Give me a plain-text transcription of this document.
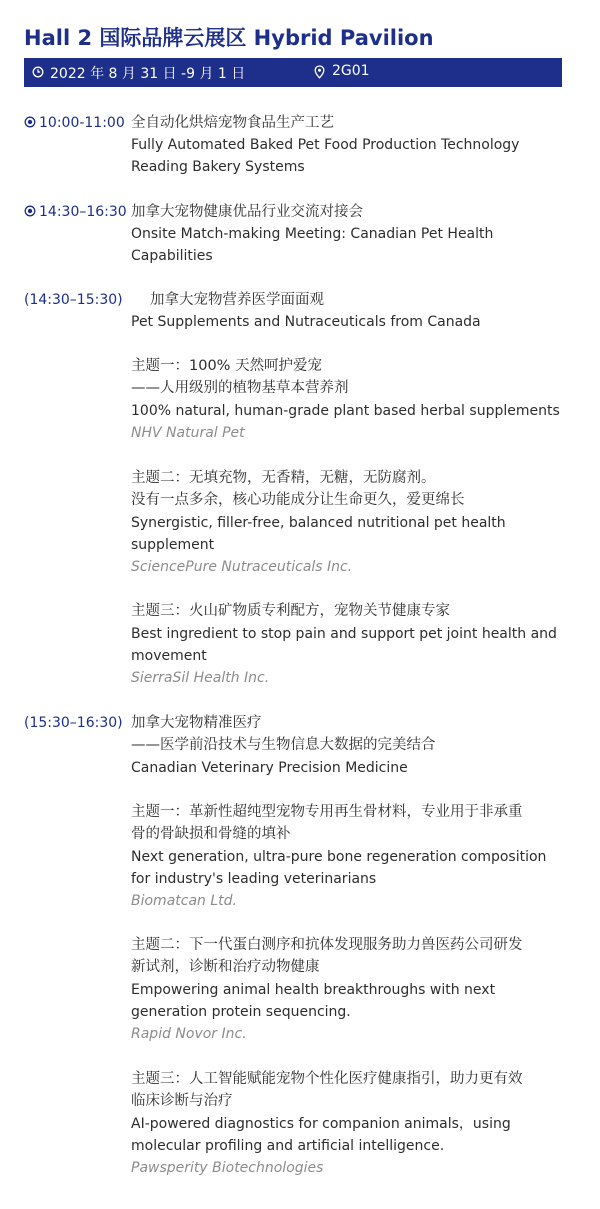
Hall 2 国际品牌云展区 Hybrid Pavilion
2022 年 8 月 31 日 -9 月 1 日	2G01
10:00-11:00 全自动化烘焙宠物食品生产工艺
Fully Automated Baked Pet Food Production Technology
Reading Bakery Systems
14:30–16:30 加拿大宠物健康优品行业交流对接会
Onsite Match-making Meeting: Canadian Pet Health
Capabilities
(14:30–15:30) 加拿大宠物营养医学面面观
Pet Supplements and Nutraceuticals from Canada
主题一：100% 天然呵护爱宠
——人用级别的植物基草本营养剂
100% natural, human-grade plant based herbal supplements
NHV Natural Pet
主题二：无填充物，无香精，无糖，无防腐剂。
没有一点多余，核心功能成分让生命更久，爱更绵长
Synergistic, filler-free, balanced nutritional pet health
supplement
SciencePure Nutraceuticals Inc.
主题三：火山矿物质专利配方，宠物关节健康专家
Best ingredient to stop pain and support pet joint health and
movement
SierraSil Health Inc.
(15:30–16:30) 加拿大宠物精准医疗
——医学前沿技术与生物信息大数据的完美结合
Canadian Veterinary Precision Medicine
主题一：革新性超纯型宠物专用再生骨材料，专业用于非承重
骨的骨缺损和骨缝的填补
Next generation, ultra-pure bone regeneration composition
for industry's leading veterinarians
Biomatcan Ltd.
主题二：下一代蛋白测序和抗体发现服务助力兽医药公司研发
新试剂，诊断和治疗动物健康
Empowering animal health breakthroughs with next
generation protein sequencing.
Rapid Novor Inc.
主题三：人工智能赋能宠物个性化医疗健康指引，助力更有效
临床诊断与治疗
AI-powered diagnostics for companion animals，using
molecular profiling and artificial intelligence.
Pawsperity Biotechnologies
